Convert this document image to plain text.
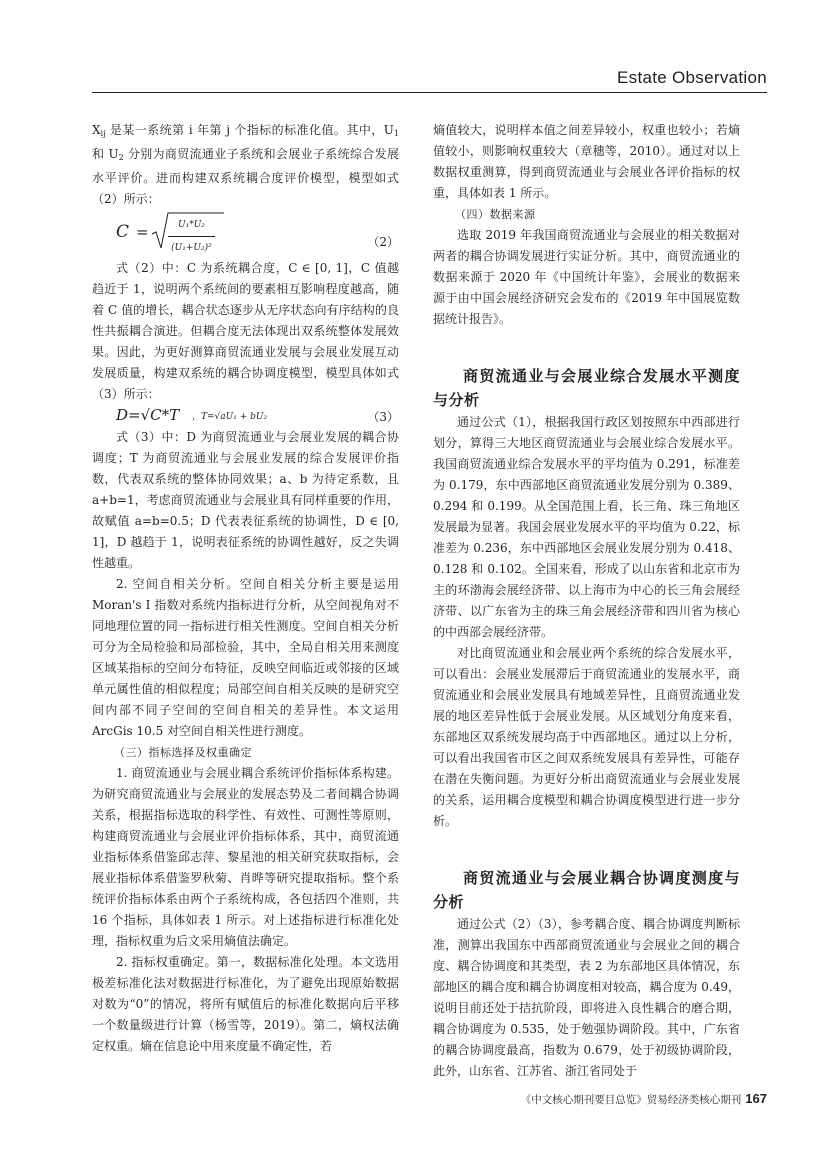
Estate Observation

$X_{ij}$ 是某一系统第 i 年第 j 个指标的标准化值。其中，$U_1$ 和 $U_2$ 分别为商贸流通业子系统和会展业子系统综合发展水平评价。进而构建双系统耦合度评价模型，模型如式（2）所示：

$C = \frac{\text{U₁*U₂}}{\text{(U₁+U₂)²}}$	（2）

式（2）中：C 为系统耦合度，C ∈ [0, 1]，C 值越趋近于 1，说明两个系统间的要素相互影响程度越高，随着 C 值的增长，耦合状态逐步从无序状态向有序结构的良性共振耦合演进。但耦合度无法体现出双系统整体发展效果。因此，为更好测算商贸流通业发展与会展业发展互动发展质量，构建双系统的耦合协调度模型，模型具体如式（3）所示：

D=√C*T ，T=√aU₁ + bU₂	（3）

式（3）中：D 为商贸流通业与会展业发展的耦合协调度；T 为商贸流通业与会展业发展的综合发展评价指数，代表双系统的整体协同效果；a、b 为待定系数，且 a+b=1，考虑商贸流通业与会展业具有同样重要的作用，故赋值 a=b=0.5；D 代表表征系统的协调性，D ∈ [0, 1]，D 越趋于 1，说明表征系统的协调性越好，反之失调性越重。

2. 空间自相关分析。空间自相关分析主要是运用 Moran's I 指数对系统内指标进行分析，从空间视角对不同地理位置的同一指标进行相关性测度。空间自相关分析可分为全局检验和局部检验，其中，全局自相关用来测度区域某指标的空间分布特征，反映空间临近或邻接的区域单元属性值的相似程度；局部空间自相关反映的是研究空间内部不同子空间的空间自相关的差异性。本文运用 ArcGis 10.5 对空间自相关性进行测度。

（三）指标选择及权重确定

1. 商贸流通业与会展业耦合系统评价指标体系构建。为研究商贸流通业与会展业的发展态势及二者间耦合协调关系，根据指标选取的科学性、有效性、可测性等原则，构建商贸流通业与会展业评价指标体系，其中，商贸流通业指标体系借鉴邱志萍、黎星池的相关研究获取指标，会展业指标体系借鉴罗秋菊、肖晔等研究提取指标。整个系统评价指标体系由两个子系统构成，各包括四个准则，共 16 个指标，具体如表 1 所示。对上述指标进行标准化处理，指标权重为后文采用熵值法确定。

2. 指标权重确定。第一，数据标准化处理。本文选用极差标准化法对数据进行标准化，为了避免出现原始数据对数为“0”的情况，将所有赋值后的标准化数据向后平移一个数量级进行计算（杨雪等，2019）。第二，熵权法确定权重。熵在信息论中用来度量不确定性，若

熵值较大，说明样本值之间差异较小，权重也较小；若熵值较小，则影响权重较大（章穗等，2010）。通过对以上数据权重测算，得到商贸流通业与会展业各评价指标的权重，具体如表 1 所示。

（四）数据来源

选取 2019 年我国商贸流通业与会展业的相关数据对两者的耦合协调发展进行实证分析。其中，商贸流通业的数据来源于 2020 年《中国统计年鉴》，会展业的数据来源于由中国会展经济研究会发布的《2019 年中国展览数据统计报告》。

商贸流通业与会展业综合发展水平测度与分析

通过公式（1），根据我国行政区划按照东中西部进行划分，算得三大地区商贸流通业与会展业综合发展水平。我国商贸流通业综合发展水平的平均值为 0.291，标准差为 0.179，东中西部地区商贸流通业发展分别为 0.389、0.294 和 0.199。从全国范围上看，长三角、珠三角地区发展最为显著。我国会展业发展水平的平均值为 0.22，标准差为 0.236，东中西部地区会展业发展分别为 0.418、0.128 和 0.102。全国来看，形成了以山东省和北京市为主的环渤海会展经济带、以上海市为中心的长三角会展经济带、以广东省为主的珠三角会展经济带和四川省为核心的中西部会展经济带。

对比商贸流通业和会展业两个系统的综合发展水平，可以看出：会展业发展滞后于商贸流通业的发展水平，商贸流通业和会展业发展具有地域差异性，且商贸流通业发展的地区差异性低于会展业发展。从区域划分角度来看，东部地区双系统发展均高于中西部地区。通过以上分析，可以看出我国省市区之间双系统发展具有差异性，可能存在潜在失衡问题。为更好分析出商贸流通业与会展业发展的关系，运用耦合度模型和耦合协调度模型进行进一步分析。

商贸流通业与会展业耦合协调度测度与分析

通过公式（2）（3），参考耦合度、耦合协调度判断标准，测算出我国东中西部商贸流通业与会展业之间的耦合度、耦合协调度和其类型，表 2 为东部地区具体情况，东部地区的耦合度和耦合协调度相对较高，耦合度为 0.49，说明目前还处于拮抗阶段，即将进入良性耦合的磨合期，耦合协调度为 0.535，处于勉强协调阶段。其中，广东省的耦合协调度最高，指数为 0.679，处于初级协调阶段，此外，山东省、江苏省、浙江省同处于

《中文核心期刊要目总览》贸易经济类核心期刊 167
